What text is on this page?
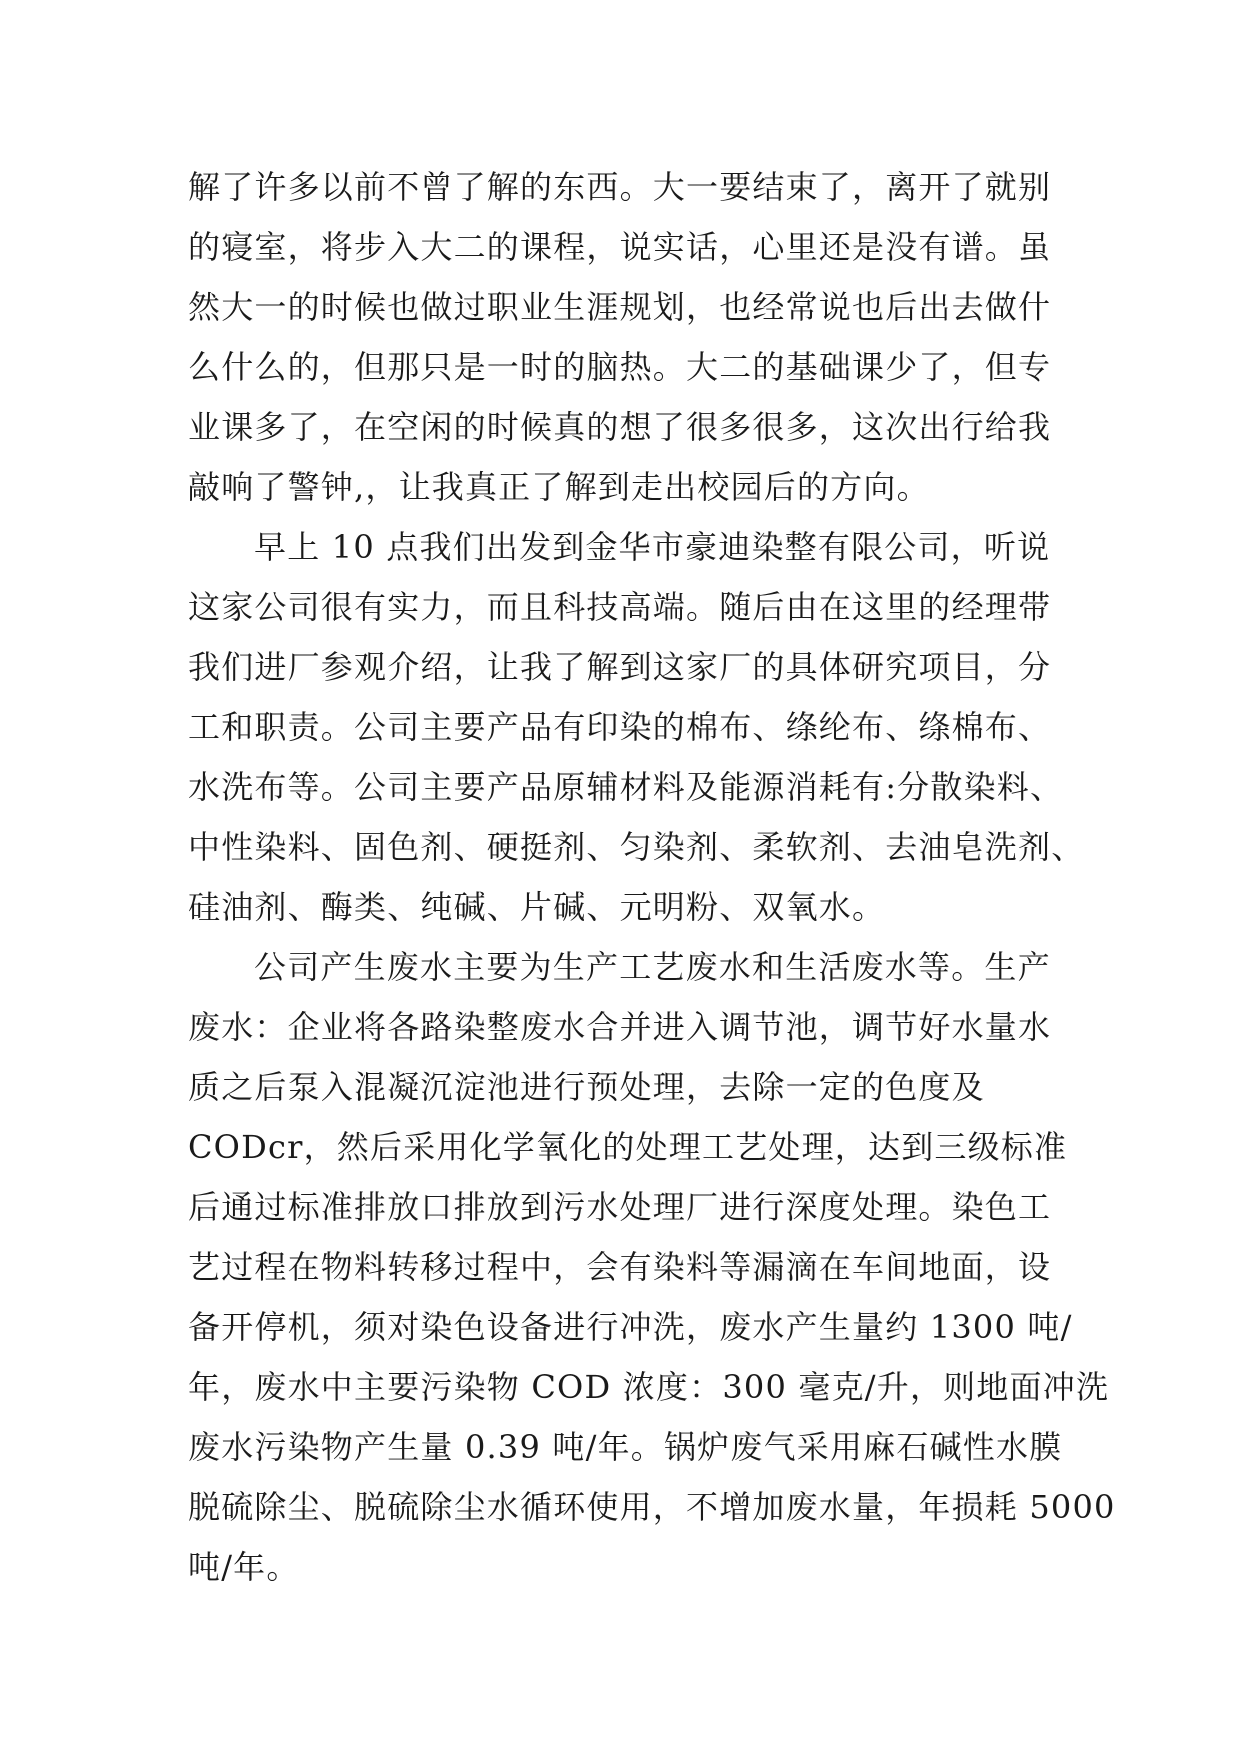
解了许多以前不曾了解的东西。大一要结束了，离开了就别
的寝室，将步入大二的课程，说实话，心里还是没有谱。虽
然大一的时候也做过职业生涯规划，也经常说也后出去做什
么什么的，但那只是一时的脑热。大二的基础课少了，但专
业课多了，在空闲的时候真的想了很多很多，这次出行给我
敲响了警钟,，让我真正了解到走出校园后的方向。
早上 10 点我们出发到金华市豪迪染整有限公司，听说
这家公司很有实力，而且科技高端。随后由在这里的经理带
我们进厂参观介绍，让我了解到这家厂的具体研究项目，分
工和职责。公司主要产品有印染的棉布、绦纶布、绦棉布、
水洗布等。公司主要产品原辅材料及能源消耗有:分散染料、
中性染料、固色剂、硬挺剂、匀染剂、柔软剂、去油皂洗剂、
硅油剂、酶类、纯碱、片碱、元明粉、双氧水。
公司产生废水主要为生产工艺废水和生活废水等。生产
废水：企业将各路染整废水合并进入调节池，调节好水量水
质之后泵入混凝沉淀池进行预处理，去除一定的色度及
CODcr，然后采用化学氧化的处理工艺处理，达到三级标准
后通过标准排放口排放到污水处理厂进行深度处理。染色工
艺过程在物料转移过程中，会有染料等漏滴在车间地面，设
备开停机，须对染色设备进行冲洗，废水产生量约 1300 吨/
年，废水中主要污染物 COD 浓度：300 毫克/升，则地面冲洗
废水污染物产生量 0.39 吨/年。锅炉废气采用麻石碱性水膜
脱硫除尘、脱硫除尘水循环使用，不增加废水量，年损耗 5000
吨/年。
